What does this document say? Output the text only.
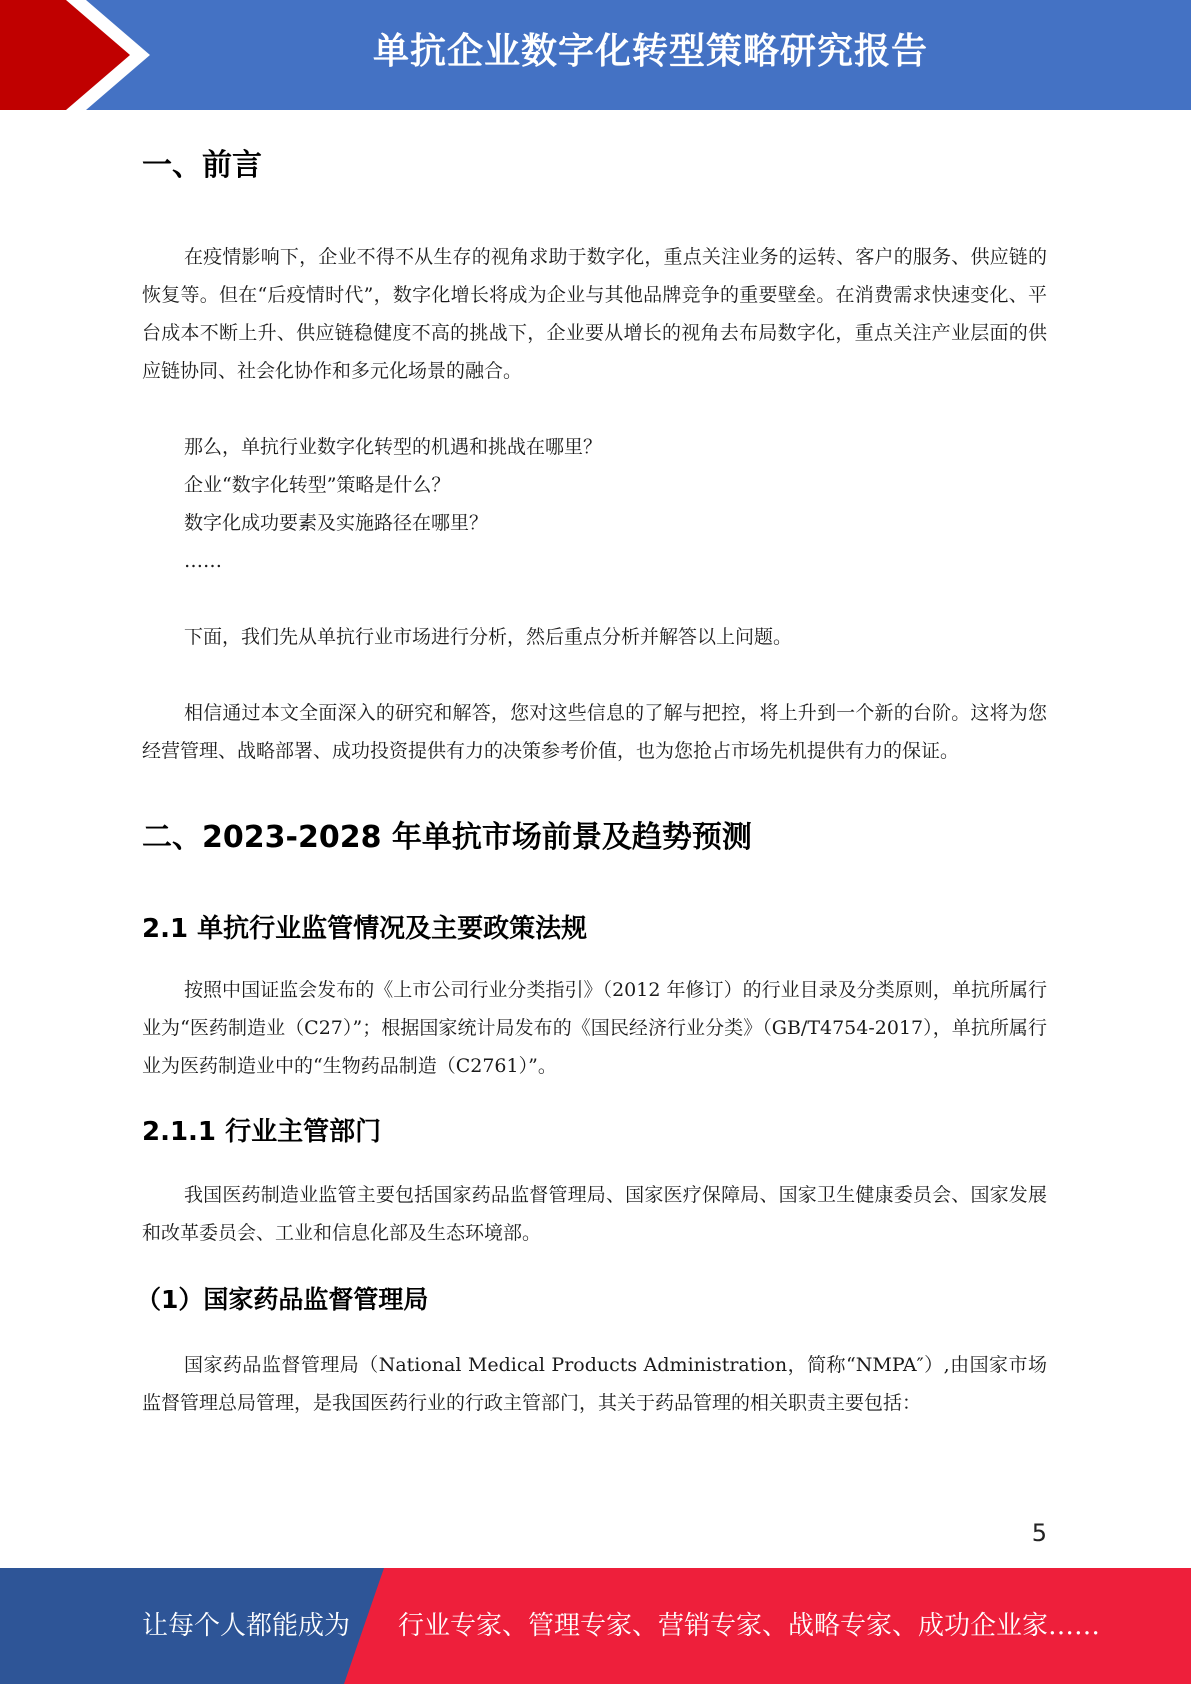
单抗企业数字化转型策略研究报告
一、前言

在疫情影响下，企业不得不从生存的视角求助于数字化，重点关注业务的运转、客户的服务、供应链的恢复等。但在“后疫情时代”，数字化增长将成为企业与其他品牌竞争的重要壁垒。在消费需求快速变化、平台成本不断上升、供应链稳健度不高的挑战下，企业要从增长的视角去布局数字化，重点关注产业层面的供应链协同、社会化协作和多元化场景的融合。

那么，单抗行业数字化转型的机遇和挑战在哪里？

企业“数字化转型”策略是什么？

数字化成功要素及实施路径在哪里？

……

下面，我们先从单抗行业市场进行分析，然后重点分析并解答以上问题。

相信通过本文全面深入的研究和解答，您对这些信息的了解与把控，将上升到一个新的台阶。这将为您经营管理、战略部署、成功投资提供有力的决策参考价值，也为您抢占市场先机提供有力的保证。

二、2023-2028 年单抗市场前景及趋势预测
2.1 单抗行业监管情况及主要政策法规

按照中国证监会发布的《上市公司行业分类指引》（2012 年修订）的行业目录及分类原则，单抗所属行业为“医药制造业（C27）”；根据国家统计局发布的《国民经济行业分类》（GB/T4754-2017），单抗所属行业为医药制造业中的“生物药品制造（C2761）”。

2.1.1 行业主管部门

我国医药制造业监管主要包括国家药品监督管理局、国家医疗保障局、国家卫生健康委员会、国家发展和改革委员会、工业和信息化部及生态环境部。

（1）国家药品监督管理局

国家药品监督管理局（National Medical Products Administration，简称“NMPA″）,由国家市场监督管理总局管理，是我国医药行业的行政主管部门，其关于药品管理的相关职责主要包括：

5
让每个人都能成为 行业专家、管理专家、营销专家、战略专家、成功企业家……
